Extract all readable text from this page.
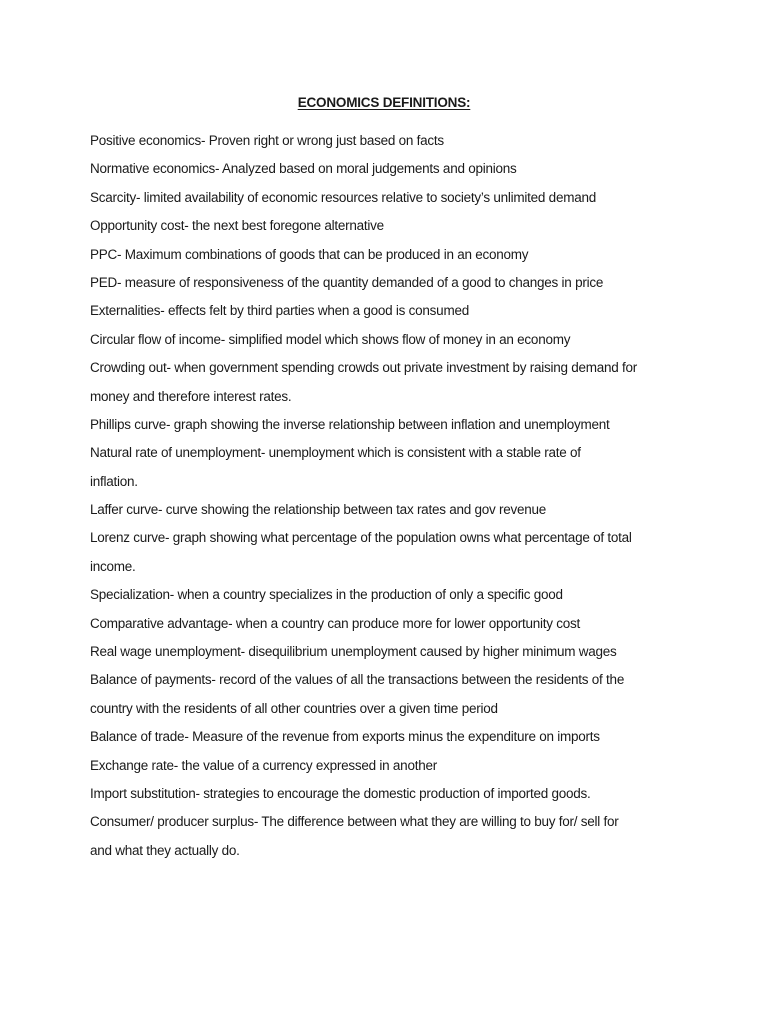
ECONOMICS DEFINITIONS:
Positive economics- Proven right or wrong just based on facts
Normative economics- Analyzed based on moral judgements and opinions
Scarcity- limited availability of economic resources relative to society’s unlimited demand
Opportunity cost- the next best foregone alternative
PPC- Maximum combinations of goods that can be produced in an economy
PED- measure of responsiveness of the quantity demanded of a good to changes in price
Externalities- effects felt by third parties when a good is consumed
Circular flow of income- simplified model which shows flow of money in an economy
Crowding out- when government spending crowds out private investment by raising demand for
money and therefore interest rates.
Phillips curve- graph showing the inverse relationship between inflation and unemployment
Natural rate of unemployment- unemployment which is consistent with a stable rate of
inflation.
Laffer curve- curve showing the relationship between tax rates and gov revenue
Lorenz curve- graph showing what percentage of the population owns what percentage of total
income.
Specialization- when a country specializes in the production of only a specific good
Comparative advantage- when a country can produce more for lower opportunity cost
Real wage unemployment- disequilibrium unemployment caused by higher minimum wages
Balance of payments- record of the values of all the transactions between the residents of the
country with the residents of all other countries over a given time period
Balance of trade- Measure of the revenue from exports minus the expenditure on imports
Exchange rate- the value of a currency expressed in another
Import substitution- strategies to encourage the domestic production of imported goods.
Consumer/ producer surplus- The difference between what they are willing to buy for/ sell for
and what they actually do.
